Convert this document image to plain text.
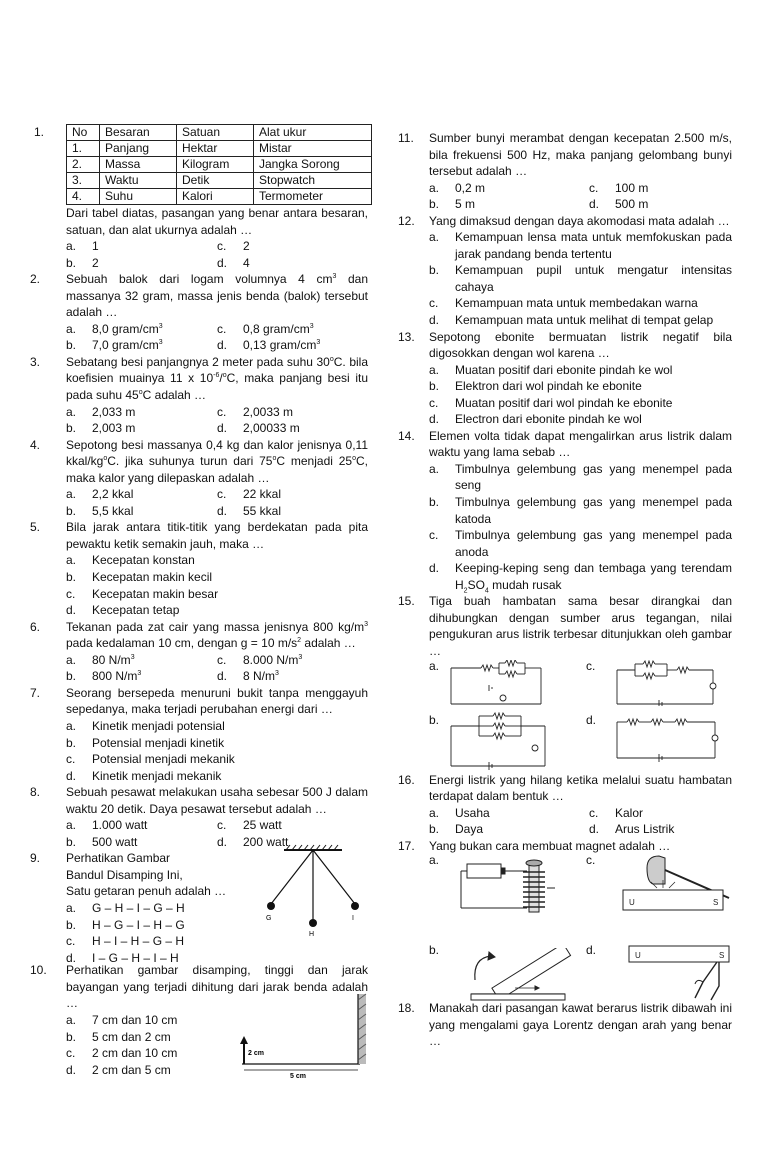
1.	No	Besaran	Satuan	Alat ukur
1.	Panjang	Hektar	Mistar
2.	Massa	Kilogram	Jangka Sorong
3.	Waktu	Detik	Stopwatch
4.	Suhu	Kalori	Termometer
Dari tabel diatas, pasangan yang benar antara besaran, satuan, dan alat ukurnya adalah …
a. 1	c. 2
b. 2	d. 4
2.	Sebuah balok dari logam volumnya 4 $cm^3$ dan massanya 32 gram, massa jenis benda (balok) tersebut adalah …
a. 8,0 gram/$cm^3$	c. 0,8 gram/$cm^3$
b. 7,0 gram/$cm^3$	d. 0,13 gram/$cm^3$
3.	Sebatang besi panjangnya 2 meter pada suhu 30$^o$C. bila koefisien muainya 11 x $10^{-6}/^oC$, maka panjang besi itu pada suhu 45$^o$C adalah …
a. 2,033 m	c. 2,0033 m
b. 2,003 m	d. 2,00033 m
4.	Sepotong besi massanya 0,4 kg dan kalor jenisnya 0,11 kkal/$kg^oC$. jika suhunya turun dari 75$^o$C menjadi 25$^o$C, maka kalor yang dilepaskan adalah …
a. 2,2 kkal	c. 22 kkal
b. 5,5 kkal	d. 55 kkal
5.	Bila jarak antara titik-titik yang berdekatan pada pita pewaktu ketik semakin jauh, maka …
a. Kecepatan konstan
b. Kecepatan makin kecil
c. Kecepatan makin besar
d. Kecepatan tetap
6.	Tekanan pada zat cair yang massa jenisnya 800 $kg/m^3$ pada kedalaman 10 cm, dengan g = 10 $m/s^2$ adalah …
a. 80 $N/m^3$	c. 8.000 $N/m^3$
b. 800 $N/m^3$	d. 8 $N/m^3$
7.	Seorang bersepeda menuruni bukit tanpa menggayuh sepedanya, maka terjadi perubahan energi dari …
a. Kinetik menjadi potensial
b. Potensial menjadi kinetik
c. Potensial menjadi mekanik
d. Kinetik menjadi mekanik
8.	Sebuah pesawat melakukan usaha sebesar 500 J dalam waktu 20 detik. Daya pesawat tersebut adalah …
a. 1.000 watt	c. 25 watt
b. 500 watt	d. 200 watt
9.	Perhatikan Gambar
Bandul Disamping Ini,
Satu getaran penuh adalah …
a. G – H – I – G – H
b. H – G – I – H – G
c. H – I – H – G – H
d. I – G – H – I – H
G
H
I
10.	Perhatikan gambar disamping, tinggi dan jarak bayangan yang terjadi dihitung dari jarak benda adalah …
a. 7 cm dan 10 cm
b. 5 cm dan 2 cm
c. 2 cm dan 10 cm
d. 2 cm dan 5 cm
2 cm
5 cm
11.	Sumber bunyi merambat dengan kecepatan 2.500 m/s, bila frekuensi 500 Hz, maka panjang gelombang bunyi tersebut adalah …
a. 0,2 m	c. 100 m
b. 5 m	d. 500 m
12.	Yang dimaksud dengan daya akomodasi mata adalah …
a. Kemampuan lensa mata untuk memfokuskan pada jarak pandang benda tertentu
b. Kemampuan pupil untuk mengatur intensitas cahaya
c. Kemampuan mata untuk membedakan warna
d. Kemampuan mata untuk melihat di tempat gelap
13.	Sepotong ebonite bermuatan listrik negatif bila digosokkan dengan wol karena …
a. Muatan positif dari ebonite pindah ke wol
b. Elektron dari wol pindah ke ebonite
c. Muatan positif dari wol pindah ke ebonite
d. Electron dari ebonite pindah ke wol
14.	Elemen volta tidak dapat mengalirkan arus listrik dalam waktu yang lama sebab …
a. Timbulnya gelembung gas yang menempel pada seng
b. Timbulnya gelembung gas yang menempel pada katoda
c. Timbulnya gelembung gas yang menempel pada anoda
d. Keeping-keping seng dan tembaga yang terendam $H_2SO_4$ mudah rusak
15.	Tiga buah hambatan sama besar dirangkai dan dihubungkan dengan sumber arus tegangan, nilai pengukuran arus listrik terbesar ditunjukkan oleh gambar …
a.	c.
b.	d.
16.	Energi listrik yang hilang ketika melalui suatu hambatan terdapat dalam bentuk …
a. Usaha	c. Kalor
b. Daya	d. Arus Listrik
17.	Yang bukan cara membuat magnet adalah …
a.	c.
b.	d.
U	S
U	S
18.	Manakah dari pasangan kawat berarus listrik dibawah ini yang mengalami gaya Lorentz dengan arah yang benar …
